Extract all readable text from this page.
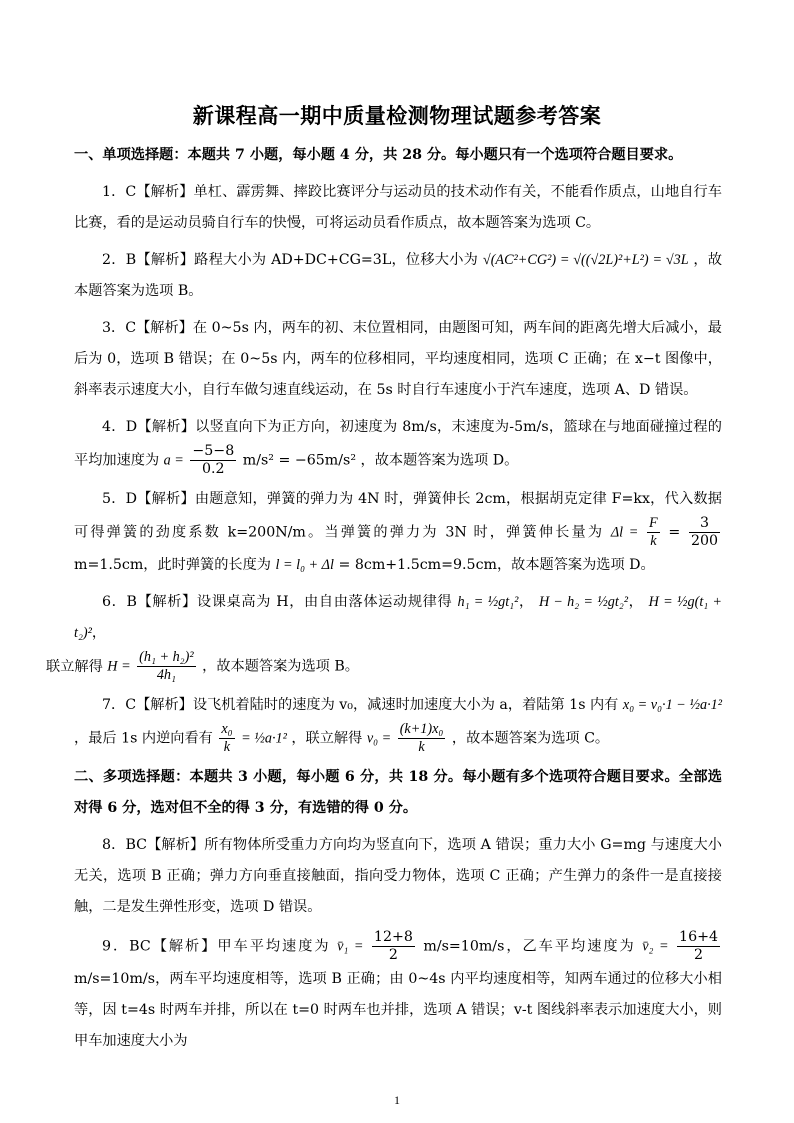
新课程高一期中质量检测物理试题参考答案

一、单项选择题：本题共 7 小题，每小题 4 分，共 28 分。每小题只有一个选项符合题目要求。

1．C【解析】单杠、霹雳舞、摔跤比赛评分与运动员的技术动作有关，不能看作质点，山地自行车比赛，看的是运动员骑自行车的快慢，可将运动员看作质点，故本题答案为选项 C。

2．B【解析】路程大小为 AD+DC+CG=3L，位移大小为 √(AC²+CG²) = √((√2L)²+L²) = √3L ，故本题答案为选项 B。

3．C【解析】在 0~5s 内，两车的初、末位置相同，由题图可知，两车间的距离先增大后减小，最后为 0，选项 B 错误；在 0~5s 内，两车的位移相同，平均速度相同，选项 C 正确；在 x−t 图像中，斜率表示速度大小，自行车做匀速直线运动，在 5s 时自行车速度小于汽车速度，选项 A、D 错误。

4．D【解析】以竖直向下为正方向，初速度为 8m/s，末速度为-5m/s，篮球在与地面碰撞过程的平均加速度为 $a = \frac{-5-8}{0.2} m/s^2 = -65m/s^2$ ，故本题答案为选项 D。

5．D【解析】由题意知，弹簧的弹力为 4N 时，弹簧伸长 2cm，根据胡克定律 F=kx，代入数据可得弹簧的劲度系数 k=200N/m。当弹簧的弹力为 3N 时，弹簧伸长量为 $\Delta l = \frac{F}{k} = \frac{3}{200}$
m=1.5cm，此时弹簧的长度为 l = l₀ + Δl = 8cm+1.5cm=9.5cm，故本题答案为选项 D。

6．B【解析】设课桌高为 H，由自由落体运动规律得 h₁ = ½gt₁²， H − h₂ = ½gt₂²， H = ½g(t₁ + t₂)²，
联立解得 $H = \frac{\text{(h₁ + h₂)²}}{\text{4h₁}}$ ，故本题答案为选项 B。

7．C【解析】设飞机着陆时的速度为 v₀，减速时加速度大小为 a，着陆第 1s 内有 x₀ = v₀·1 − ½a·1² ，最后 1s 内逆向看有 $\frac{\text{x₀}}{k}$ = ½a·1² ，联立解得 $v_0 = \frac{\text{(k+1)x₀}}{k}$ ，故本题答案为选项 C。

二、多项选择题：本题共 3 小题，每小题 6 分，共 18 分。每小题有多个选项符合题目要求。全部选对得 6 分，选对但不全的得 3 分，有选错的得 0 分。

8．BC【解析】所有物体所受重力方向均为竖直向下，选项 A 错误；重力大小 G=mg 与速度大小无关，选项 B 正确；弹力方向垂直接触面，指向受力物体，选项 C 正确；产生弹力的条件一是直接接触，二是发生弹性形变，选项 D 错误。

9．BC【解析】甲车平均速度为 v̄₁ = $\frac{12+8}{2} m/s=10m/s$，乙车平均速度为 v̄₂ = $\frac{16+4}{2}$
m/s=10m/s，两车平均速度相等，选项 B 正确；由 0~4s 内平均速度相等，知两车通过的位移大小相等，因 t=4s 时两车并排，所以在 t=0 时两车也并排，选项 A 错误；v-t 图线斜率表示加速度大小，则甲车加速度大小为

1
